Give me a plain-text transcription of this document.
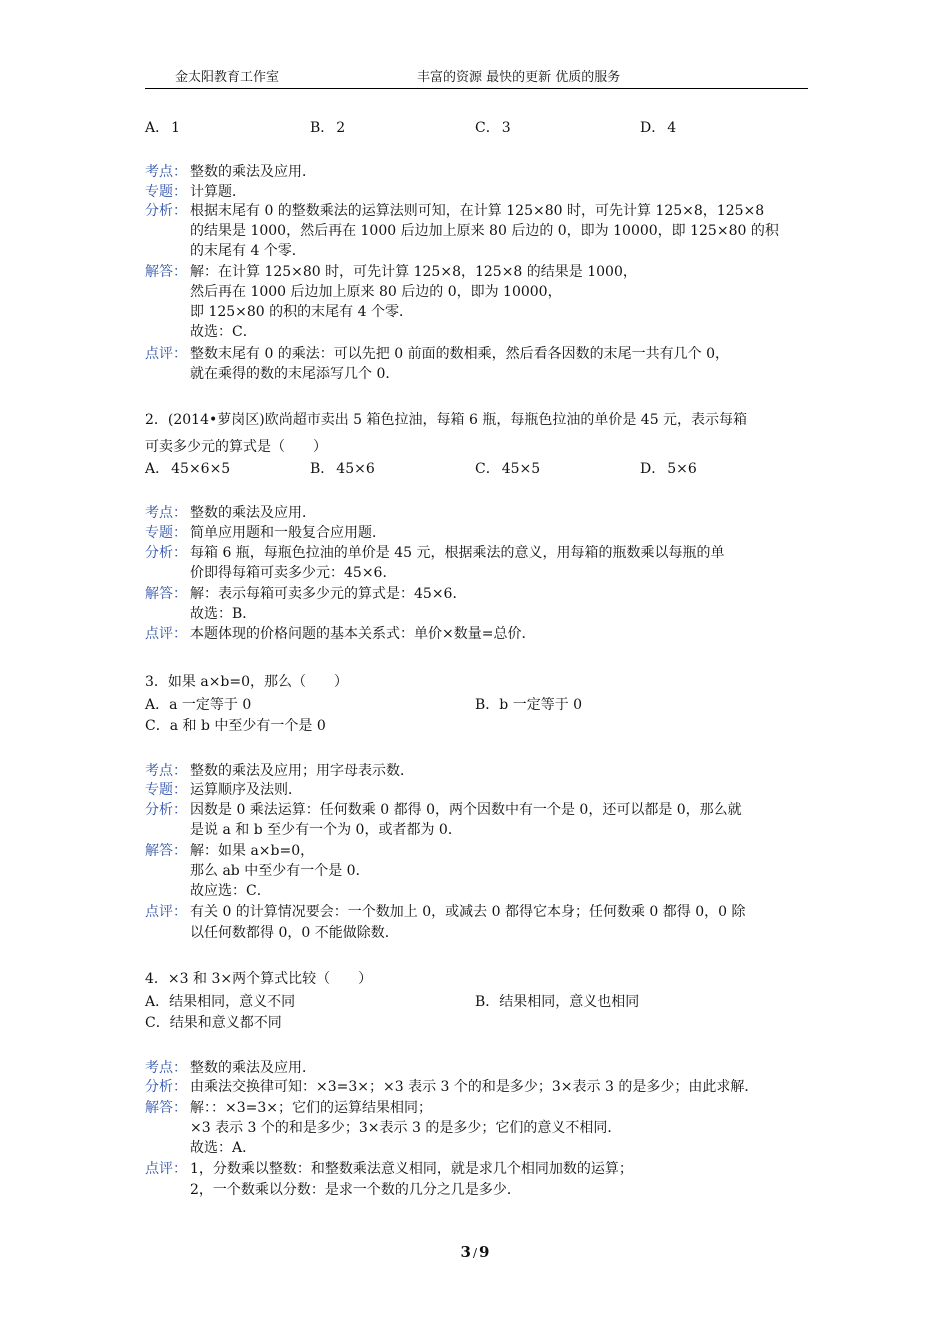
金太阳教育工作室	丰富的资源 最快的更新 优质的服务
A． 1	B． 2	C． 3	D． 4
考点： 整数的乘法及应用．
专题： 计算题．
分析： 根据末尾有 0 的整数乘法的运算法则可知，在计算 125×80 时，可先计算 125×8，125×8
的结果是 1000，然后再在 1000 后边加上原来 80 后边的 0，即为 10000，即 125×80 的积
的末尾有 4 个零．
解答： 解：在计算 125×80 时，可先计算 125×8，125×8 的结果是 1000，
然后再在 1000 后边加上原来 80 后边的 0，即为 10000，
即 125×80 的积的末尾有 4 个零．
故选：C．
点评： 整数末尾有 0 的乘法：可以先把 0 前面的数相乘，然后看各因数的末尾一共有几个 0，
就在乘得的数的末尾添写几个 0．
2．(2014•萝岗区)欧尚超市卖出 5 箱色拉油，每箱 6 瓶，每瓶色拉油的单价是 45 元，表示每箱
可卖多少元的算式是（　　）
A． 45×6×5	B． 45×6	C． 45×5	D． 5×6
考点： 整数的乘法及应用．
专题： 简单应用题和一般复合应用题．
分析： 每箱 6 瓶，每瓶色拉油的单价是 45 元，根据乘法的意义，用每箱的瓶数乘以每瓶的单
价即得每箱可卖多少元：45×6．
解答： 解：表示每箱可卖多少元的算式是：45×6．
故选：B．
点评： 本题体现的价格问题的基本关系式：单价×数量=总价．
3．如果 a×b=0，那么（　　）
A．a 一定等于 0	B．b 一定等于 0
C．a 和 b 中至少有一个是 0
考点： 整数的乘法及应用；用字母表示数．
专题： 运算顺序及法则．
分析： 因数是 0 乘法运算：任何数乘 0 都得 0，两个因数中有一个是 0，还可以都是 0，那么就
是说 a 和 b 至少有一个为 0，或者都为 0．
解答： 解：如果 a×b=0，
那么 ab 中至少有一个是 0．
故应选：C．
点评： 有关 0 的计算情况要会：一个数加上 0，或减去 0 都得它本身；任何数乘 0 都得 0，0 除
以任何数都得 0，0 不能做除数．
4．×3 和 3×两个算式比较（　　）
A．结果相同，意义不同	B．结果相同，意义也相同
C．结果和意义都不同
考点： 整数的乘法及应用．
分析： 由乘法交换律可知：×3=3×；×3 表示 3 个的和是多少；3×表示 3 的是多少；由此求解．
解答： 解：：×3=3×；它们的运算结果相同；
×3 表示 3 个的和是多少；3×表示 3 的是多少；它们的意义不相同．
故选：A．
点评： 1，分数乘以整数：和整数乘法意义相同，就是求几个相同加数的运算；
2，一个数乘以分数：是求一个数的几分之几是多少．
3 / 9
